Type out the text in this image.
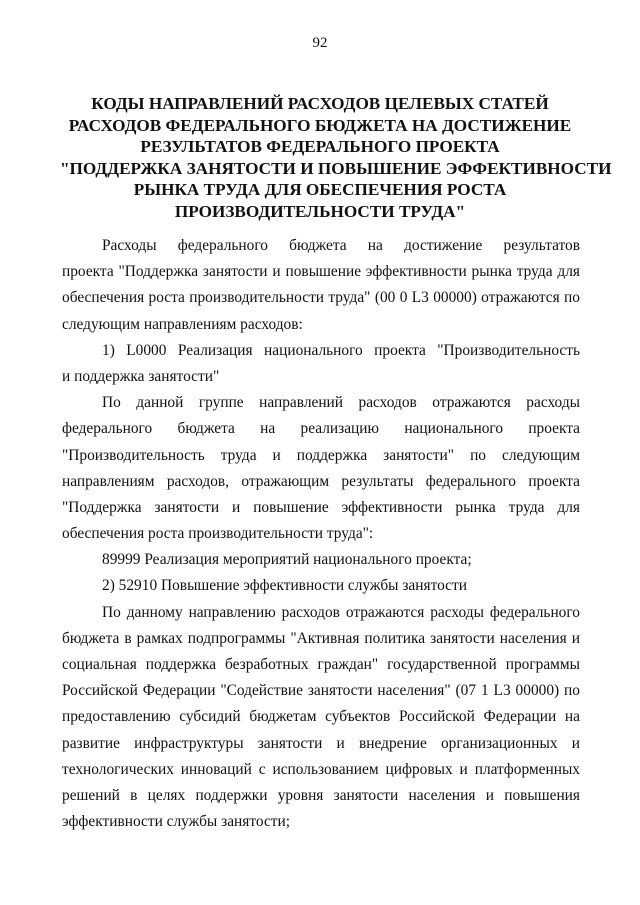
92
КОДЫ НАПРАВЛЕНИЙ РАСХОДОВ ЦЕЛЕВЫХ СТАТЕЙ
РАСХОДОВ ФЕДЕРАЛЬНОГО БЮДЖЕТА НА ДОСТИЖЕНИЕ
РЕЗУЛЬТАТОВ ФЕДЕРАЛЬНОГО ПРОЕКТА
"ПОДДЕРЖКА ЗАНЯТОСТИ И ПОВЫШЕНИЕ ЭФФЕКТИВНОСТИ
РЫНКА ТРУДА ДЛЯ ОБЕСПЕЧЕНИЯ РОСТА
ПРОИЗВОДИТЕЛЬНОСТИ ТРУДА"
Расходы федерального бюджета на достижение результатов
проекта "Поддержка занятости и повышение эффективности рынка труда для
обеспечения роста производительности труда" (00 0 L3 00000) отражаются по
следующим направлениям расходов:
1) L0000 Реализация национального проекта "Производительность
и поддержка занятости"
По данной группе направлений расходов отражаются расходы
федерального бюджета на реализацию национального проекта
"Производительность труда и поддержка занятости" по следующим
направлениям расходов, отражающим результаты федерального проекта
"Поддержка занятости и повышение эффективности рынка труда для
обеспечения роста производительности труда":
89999 Реализация мероприятий национального проекта;
2) 52910 Повышение эффективности службы занятости
По данному направлению расходов отражаются расходы федерального
бюджета в рамках подпрограммы "Активная политика занятости населения и
социальная поддержка безработных граждан" государственной программы
Российской Федерации "Содействие занятости населения" (07 1 L3 00000) по
предоставлению субсидий бюджетам субъектов Российской Федерации на
развитие инфраструктуры занятости и внедрение организационных и
технологических инноваций с использованием цифровых и платформенных
решений в целях поддержки уровня занятости населения и повышения
эффективности службы занятости;
